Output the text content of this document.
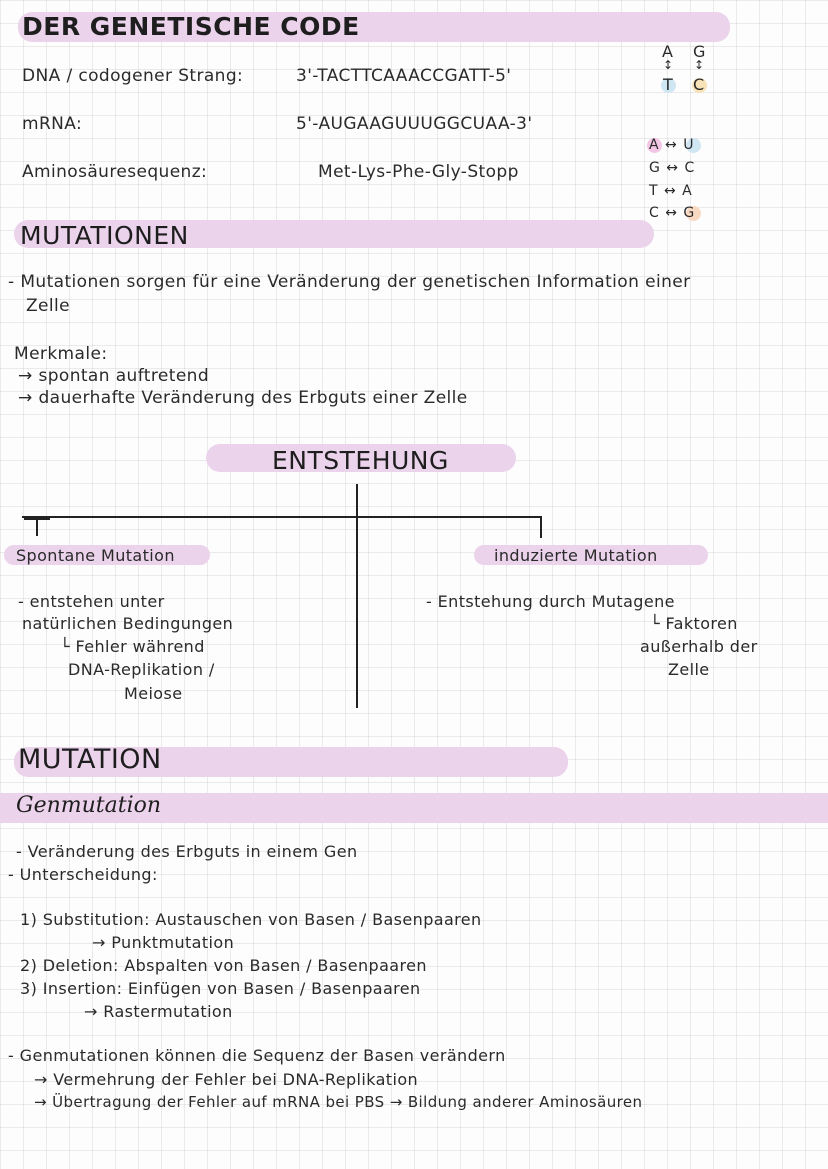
DER GENETISCHE CODE
DNA / codogener Strang:	3'-TACTTCAAACCGATT-5'
mRNA:	5'-AUGAAGUUUGGCUAA-3'
Aminosäuresequenz:	Met-Lys-Phe-Gly-Stopp
A
↕
T
G
↕
C
A ↔ U
G ↔ C
T ↔ A
C ↔ G
MUTATIONEN
- Mutationen sorgen für eine Veränderung der genetischen Information einer
Zelle
Merkmale:
→ spontan auftretend
→ dauerhafte Veränderung des Erbguts einer Zelle
ENTSTEHUNG
Spontane Mutation
- entstehen unter
natürlichen Bedingungen
└ Fehler während
DNA-Replikation /
Meiose
induzierte Mutation
- Entstehung durch Mutagene
└ Faktoren
außerhalb der
Zelle
MUTATION
Genmutation
- Veränderung des Erbguts in einem Gen
- Unterscheidung:
1) Substitution: Austauschen von Basen / Basenpaaren
→ Punktmutation
2) Deletion: Abspalten von Basen / Basenpaaren
3) Insertion: Einfügen von Basen / Basenpaaren
→ Rastermutation
- Genmutationen können die Sequenz der Basen verändern
→ Vermehrung der Fehler bei DNA-Replikation
→ Übertragung der Fehler auf mRNA bei PBS → Bildung anderer Aminosäuren
